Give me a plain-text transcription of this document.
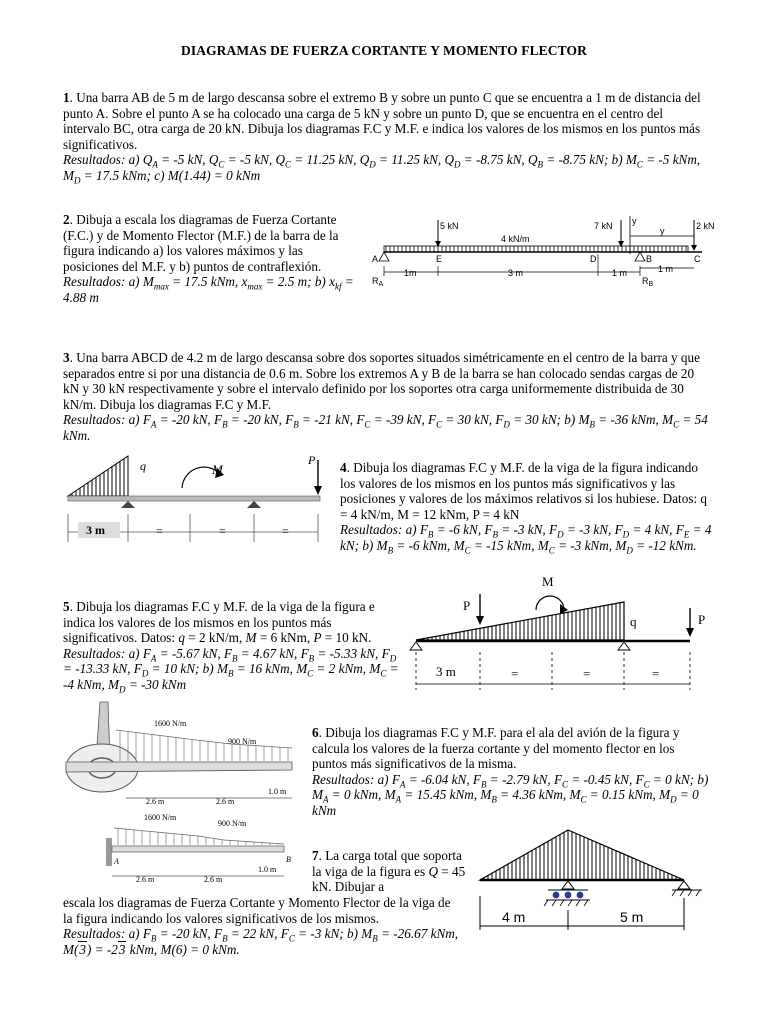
DIAGRAMAS DE FUERZA CORTANTE Y MOMENTO FLECTOR

1. Una barra AB de 5 m de largo descansa sobre el extremo B y sobre un punto C que se encuentra a 1 m de distancia del punto A. Sobre el punto A se ha colocado una carga de 5 kN y sobre un punto D, que se encuentra en el centro del intervalo BC, otra carga de 20 kN. Dibuja los diagramas F.C y M.F. e indica los valores de los mismos en los puntos más significativos.

Resultados: a) $Q_A = -5$ kN, $Q_C = -5$ kN, $Q_C = 11.25$ kN, $Q_D = 11.25$ kN, $Q_D = -8.75$ kN, $Q_B = -8.75$ kN; b) $M_C = -5$ kNm, $M_D = 17.5$ kNm; c) M(1.44) = 0 kNm

2. Dibuja a escala los diagramas de Fuerza Cortante (F.C.) y de Momento Flector (M.F.) de la barra de la figura indicando a) los valores máximos y las posiciones del M.F. y b) puntos de contraflexión.

Resultados: a) $M_{max} = 17.5$ kNm, $x_{max} = 2.5$ m; b) $x_{kf} = 4.88$ m

5 kN
4 kN/m
7 kN y
y	2 kN
A	E	D	B	C
1m	3 m	1 m	1 m
$R_A$	$R_B$

3. Una barra ABCD de 4.2 m de largo descansa sobre dos soportes situados simétricamente en el centro de la barra y que separados entre si por una distancia de 0.6 m. Sobre los extremos A y B de la barra se han colocado sendas cargas de 20 kN y 30 kN respectivamente y sobre el intervalo definido por los soportes otra carga uniformemente distribuida de 30 kN/m. Dibuja los diagramas F.C y M.F.

Resultados: a) $F_A = -20$ kN, $F_B = -20$ kN, $F_B = -21$ kN, $F_C = -39$ kN, $F_C = 30$ kN, $F_D = 30$ kN; b) $M_B = -36$ kNm, $M_C = 54$ kNm.

q	M
P
3 m	=	=	=

4. Dibuja los diagramas F.C y M.F. de la viga de la figura indicando los valores de los mismos en los puntos más significativos y las posiciones y valores de los máximos relativos si los hubiese. Datos: q = 4 kN/m, M = 12 kNm, P = 4 kN

Resultados: a) $F_B = -6$ kN, $F_B = -3$ kN, $F_D = -3$ kN, $F_D = 4$ kN, $F_E = 4$ kN; b) $M_B = -6$ kNm, $M_C = -15$ kNm, $M_C = -3$ kNm, $M_D = -12$ kNm.

5. Dibuja los diagramas F.C y M.F. de la viga de la figura e indica los valores de los mismos en los puntos más significativos. Datos: q = 2 kN/m, M = 6 kNm, P = 10 kN.

Resultados: a) $F_A = -5.67$ kN, $F_B = 4.67$ kN, $F_B = -5.33$ kN, $F_D = -13.33$ kN, $F_D = 10$ kN; b) $M_B = 16$ kNm, $M_C = 2$ kNm, $M_C = -4$ kNm, $M_D = -30$ kNm

M
P
q	P
3 m	=	=	=
1600 N/m
900 N/m
2.6 m	2.6 m
1.0 m
1600 N/m
900 N/m
A	B
2.6 m	2.6 m
1.0 m

6. Dibuja los diagramas F.C y M.F. para el ala del avión de la figura y calcula los valores de la fuerza cortante y del momento flector en los puntos más significativos de la misma.

Resultados: a) $F_A = -6.04$ kN, $F_B = -2.79$ kN, $F_C = -0.45$ kN, $F_C = 0$ kN; b) $M_A = 0$ kNm, $M_A = 15.45$ kNm, $M_B = 4.36$ kNm, $M_C = 0.15$ kNm, $M_D = 0$ kNm

7. La carga total que soporta la viga de la figura es Q = 45 kN. Dibujar a

escala los diagramas de Fuerza Cortante y Momento Flector de la viga de la figura indicando los valores significativos de los mismos.

Resultados: a) $F_B = -20$ kN, $F_B = 22$ kN, $F_C = -3$ kN; b) $M_B = -26.67$ kNm, M(3) = -23 kNm, M(6) = 0 kNm.

4 m	5 m
